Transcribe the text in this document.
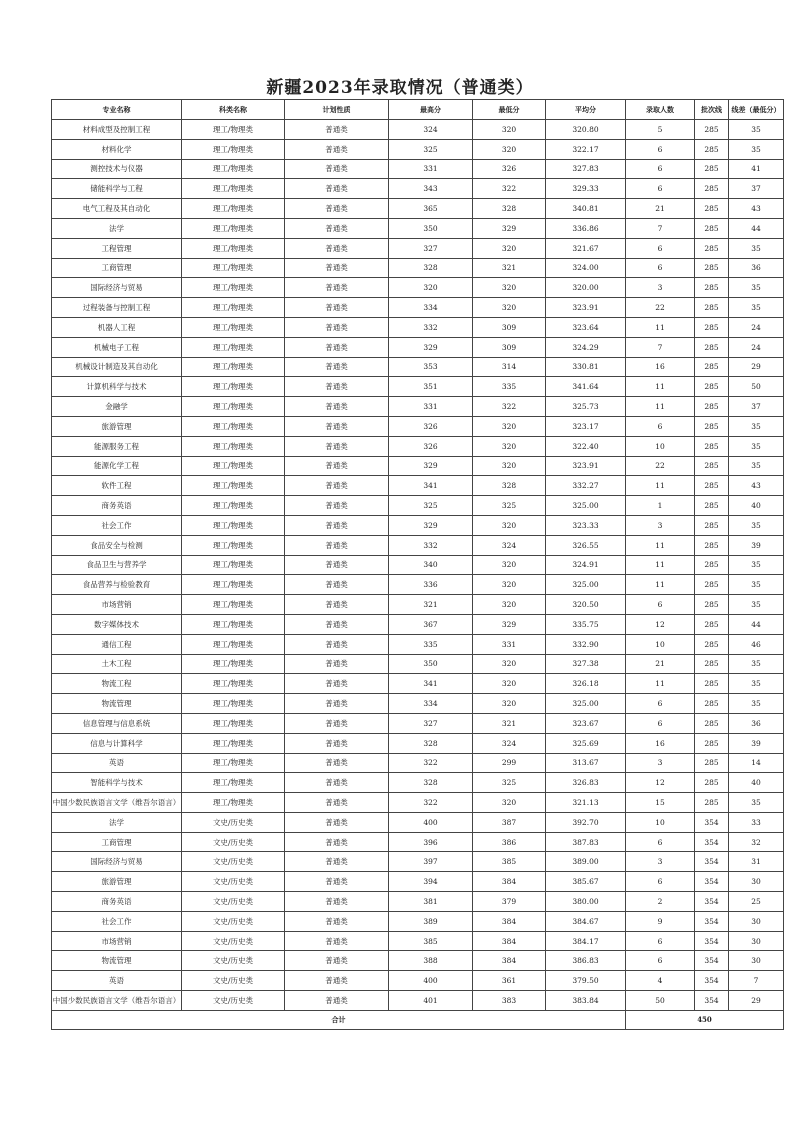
新疆2023年录取情况（普通类）
专业名称	科类名称	计划性质	最高分	最低分	平均分	录取人数	批次线	线差（最低分）
材料成型及控制工程	理工/物理类	普通类	324	320	320.80	5	285	35
材料化学	理工/物理类	普通类	325	320	322.17	6	285	35
测控技术与仪器	理工/物理类	普通类	331	326	327.83	6	285	41
储能科学与工程	理工/物理类	普通类	343	322	329.33	6	285	37
电气工程及其自动化	理工/物理类	普通类	365	328	340.81	21	285	43
法学	理工/物理类	普通类	350	329	336.86	7	285	44
工程管理	理工/物理类	普通类	327	320	321.67	6	285	35
工商管理	理工/物理类	普通类	328	321	324.00	6	285	36
国际经济与贸易	理工/物理类	普通类	320	320	320.00	3	285	35
过程装备与控制工程	理工/物理类	普通类	334	320	323.91	22	285	35
机器人工程	理工/物理类	普通类	332	309	323.64	11	285	24
机械电子工程	理工/物理类	普通类	329	309	324.29	7	285	24
机械设计制造及其自动化	理工/物理类	普通类	353	314	330.81	16	285	29
计算机科学与技术	理工/物理类	普通类	351	335	341.64	11	285	50
金融学	理工/物理类	普通类	331	322	325.73	11	285	37
旅游管理	理工/物理类	普通类	326	320	323.17	6	285	35
能源服务工程	理工/物理类	普通类	326	320	322.40	10	285	35
能源化学工程	理工/物理类	普通类	329	320	323.91	22	285	35
软件工程	理工/物理类	普通类	341	328	332.27	11	285	43
商务英语	理工/物理类	普通类	325	325	325.00	1	285	40
社会工作	理工/物理类	普通类	329	320	323.33	3	285	35
食品安全与检测	理工/物理类	普通类	332	324	326.55	11	285	39
食品卫生与营养学	理工/物理类	普通类	340	320	324.91	11	285	35
食品营养与检验教育	理工/物理类	普通类	336	320	325.00	11	285	35
市场营销	理工/物理类	普通类	321	320	320.50	6	285	35
数字媒体技术	理工/物理类	普通类	367	329	335.75	12	285	44
通信工程	理工/物理类	普通类	335	331	332.90	10	285	46
土木工程	理工/物理类	普通类	350	320	327.38	21	285	35
物流工程	理工/物理类	普通类	341	320	326.18	11	285	35
物流管理	理工/物理类	普通类	334	320	325.00	6	285	35
信息管理与信息系统	理工/物理类	普通类	327	321	323.67	6	285	36
信息与计算科学	理工/物理类	普通类	328	324	325.69	16	285	39
英语	理工/物理类	普通类	322	299	313.67	3	285	14
智能科学与技术	理工/物理类	普通类	328	325	326.83	12	285	40
中国少数民族语言文学（维吾尔语言）	理工/物理类	普通类	322	320	321.13	15	285	35
法学	文史/历史类	普通类	400	387	392.70	10	354	33
工商管理	文史/历史类	普通类	396	386	387.83	6	354	32
国际经济与贸易	文史/历史类	普通类	397	385	389.00	3	354	31
旅游管理	文史/历史类	普通类	394	384	385.67	6	354	30
商务英语	文史/历史类	普通类	381	379	380.00	2	354	25
社会工作	文史/历史类	普通类	389	384	384.67	9	354	30
市场营销	文史/历史类	普通类	385	384	384.17	6	354	30
物流管理	文史/历史类	普通类	388	384	386.83	6	354	30
英语	文史/历史类	普通类	400	361	379.50	4	354	7
中国少数民族语言文学（维吾尔语言）	文史/历史类	普通类	401	383	383.84	50	354	29
合计						450		
